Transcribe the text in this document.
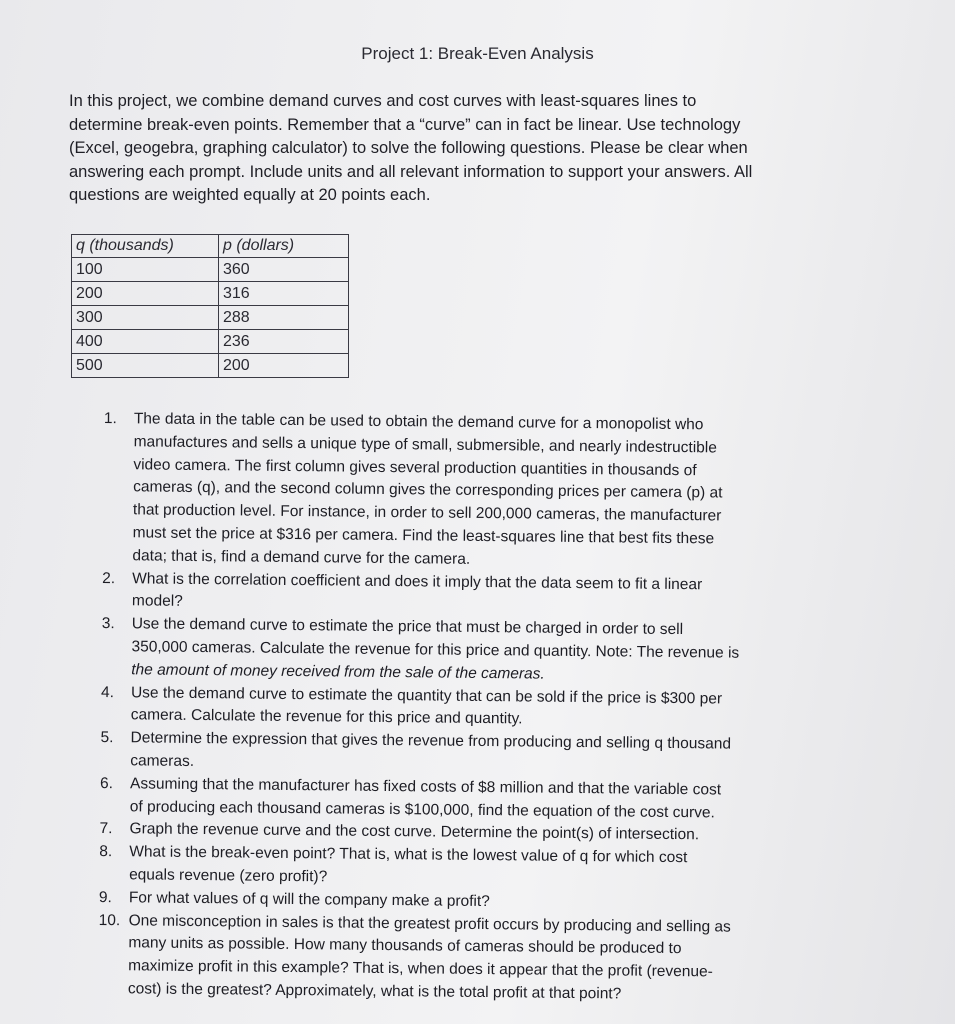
Project 1: Break-Even Analysis
In this project, we combine demand curves and cost curves with least-squares lines to
determine break-even points. Remember that a “curve” can in fact be linear. Use technology
(Excel, geogebra, graphing calculator) to solve the following questions. Please be clear when
answering each prompt. Include units and all relevant information to support your answers. All
questions are weighted equally at 20 points each.
q (thousands)	p (dollars)
100	360
200	316
300	288
400	236
500	200
1.	The data in the table can be used to obtain the demand curve for a monopolist who
manufactures and sells a unique type of small, submersible, and nearly indestructible
video camera. The first column gives several production quantities in thousands of
cameras (q), and the second column gives the corresponding prices per camera (p) at
that production level. For instance, in order to sell 200,000 cameras, the manufacturer
must set the price at $316 per camera. Find the least-squares line that best fits these
data; that is, find a demand curve for the camera.
2.	What is the correlation coefficient and does it imply that the data seem to fit a linear
model?
3.	Use the demand curve to estimate the price that must be charged in order to sell
350,000 cameras. Calculate the revenue for this price and quantity. Note: The revenue is
the amount of money received from the sale of the cameras.
4.	Use the demand curve to estimate the quantity that can be sold if the price is $300 per
camera. Calculate the revenue for this price and quantity.
5.	Determine the expression that gives the revenue from producing and selling q thousand
cameras.
6.	Assuming that the manufacturer has fixed costs of $8 million and that the variable cost
of producing each thousand cameras is $100,000, find the equation of the cost curve.
7.	Graph the revenue curve and the cost curve. Determine the point(s) of intersection.
8.	What is the break-even point? That is, what is the lowest value of q for which cost
equals revenue (zero profit)?
9.	For what values of q will the company make a profit?
10. One misconception in sales is that the greatest profit occurs by producing and selling as
many units as possible. How many thousands of cameras should be produced to
maximize profit in this example? That is, when does it appear that the profit (revenue-
cost) is the greatest? Approximately, what is the total profit at that point?
